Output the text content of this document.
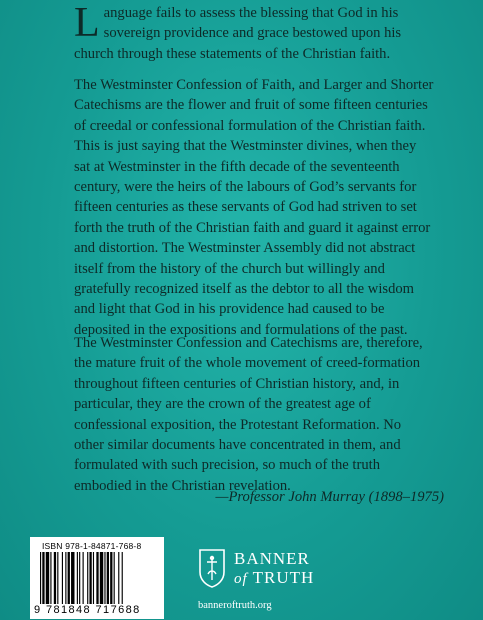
L anguage fails to assess the blessing that God in his sovereign providence and grace bestowed upon his church through these statements of the Christian faith.

The Westminster Confession of Faith, and Larger and Shorter Catechisms are the flower and fruit of some fifteen centuries of creedal or confessional formulation of the Christian faith. This is just saying that the Westminster divines, when they sat at Westminster in the fifth decade of the seventeenth century, were the heirs of the labours of God’s servants for fifteen centuries as these servants of God had striven to set forth the truth of the Christian faith and guard it against error and distortion. The Westminster Assembly did not abstract itself from the history of the church but willingly and gratefully recognized itself as the debtor to all the wisdom and light that God in his providence had caused to be deposited in the expositions and formulations of the past.

The Westminster Confession and Catechisms are, therefore, the mature fruit of the whole movement of creed-formation throughout fifteen centuries of Christian history, and, in particular, they are the crown of the greatest age of confessional exposition, the Protestant Reformation. No other similar documents have concentrated in them, and formulated with such precision, so much of the truth embodied in the Christian revelation.

—Professor John Murray (1898–1975)
ISBN 978-1-84871-768-8
9 781848 717688
BANNER
of TRUTH
banneroftruth.org
